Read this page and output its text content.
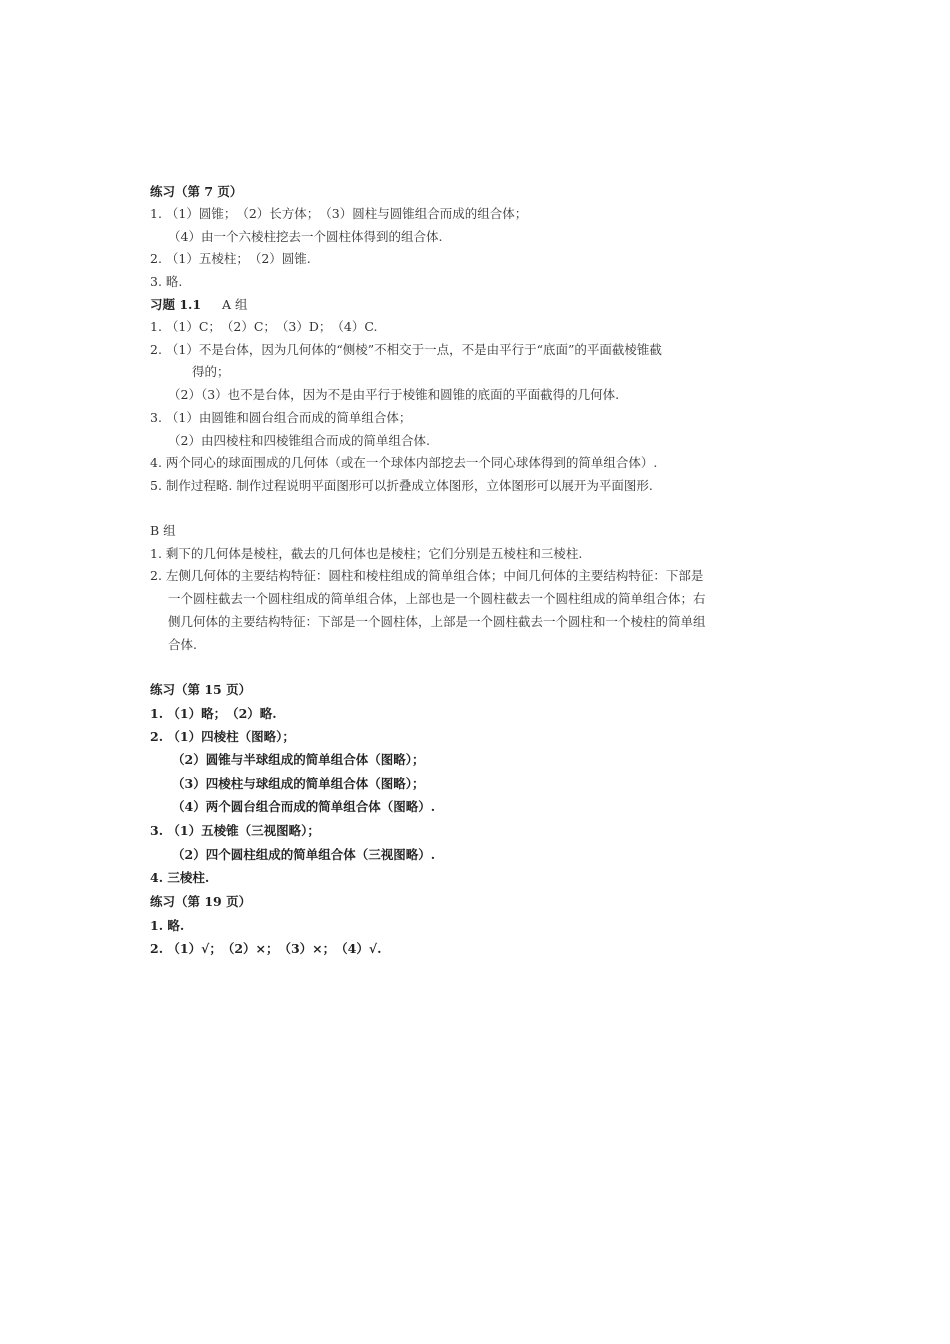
练习（第 7 页）
1. （1）圆锥；　（2）长方体；　（3）圆柱与圆锥组合而成的组合体；
（4）由一个六棱柱挖去一个圆柱体得到的组合体.
2. （1）五棱柱；　（2）圆锥.
3. 略.
习题 1.1 A 组
1. （1）C；　（2）C；　（3）D；　（4）C.
2. （1）不是台体，因为几何体的“侧棱”不相交于一点，不是由平行于“底面”的平面截棱锥截
得的；
（2）（3）也不是台体，因为不是由平行于棱锥和圆锥的底面的平面截得的几何体.
3. （1）由圆锥和圆台组合而成的简单组合体；
（2）由四棱柱和四棱锥组合而成的简单组合体.
4. 两个同心的球面围成的几何体（或在一个球体内部挖去一个同心球体得到的简单组合体）.
5. 制作过程略. 制作过程说明平面图形可以折叠成立体图形，立体图形可以展开为平面图形.
B 组
1. 剩下的几何体是棱柱，截去的几何体也是棱柱；它们分别是五棱柱和三棱柱.
2. 左侧几何体的主要结构特征：圆柱和棱柱组成的简单组合体；中间几何体的主要结构特征：下部是
一个圆柱截去一个圆柱组成的简单组合体，上部也是一个圆柱截去一个圆柱组成的简单组合体；右
侧几何体的主要结构特征：下部是一个圆柱体，上部是一个圆柱截去一个圆柱和一个棱柱的简单组
合体.
练习（第 15 页）
1. （1）略；　（2）略.
2. （1）四棱柱（图略）；
（2）圆锥与半球组成的简单组合体（图略）；
（3）四棱柱与球组成的简单组合体（图略）；
（4）两个圆台组合而成的简单组合体（图略）.
3. （1）五棱锥（三视图略）；
（2）四个圆柱组成的简单组合体（三视图略）.
4. 三棱柱.
练习（第 19 页）
1. 略.
2. （1）√；　（2）×；　（3）×；　（4）√.
